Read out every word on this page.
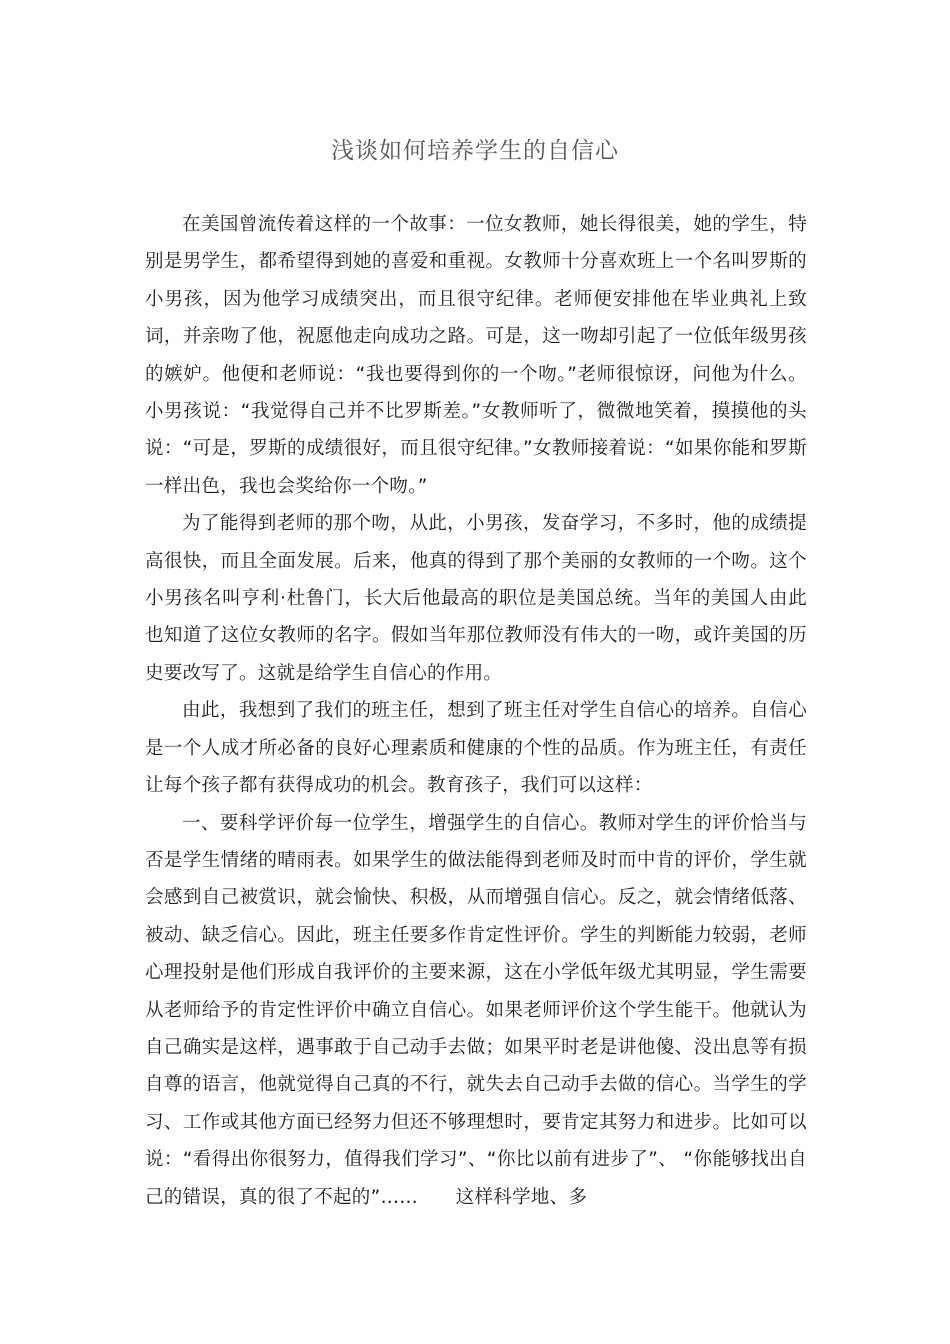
浅谈如何培养学生的自信心

在美国曾流传着这样的一个故事：一位女教师，她长得很美，她的学生，特别是男学生，都希望得到她的喜爱和重视。女教师十分喜欢班上一个名叫罗斯的小男孩，因为他学习成绩突出，而且很守纪律。老师便安排他在毕业典礼上致词，并亲吻了他，祝愿他走向成功之路。可是，这一吻却引起了一位低年级男孩的嫉妒。他便和老师说：“我也要得到你的一个吻。”老师很惊讶，问他为什么。小男孩说：“我觉得自己并不比罗斯差。”女教师听了，微微地笑着，摸摸他的头说：“可是，罗斯的成绩很好，而且很守纪律。”女教师接着说：“如果你能和罗斯一样出色，我也会奖给你一个吻。”

为了能得到老师的那个吻，从此，小男孩，发奋学习，不多时，他的成绩提高很快，而且全面发展。后来，他真的得到了那个美丽的女教师的一个吻。这个小男孩名叫亨利·杜鲁门，长大后他最高的职位是美国总统。当年的美国人由此也知道了这位女教师的名字。假如当年那位教师没有伟大的一吻，或许美国的历史要改写了。这就是给学生自信心的作用。

由此，我想到了我们的班主任，想到了班主任对学生自信心的培养。自信心是一个人成才所必备的良好心理素质和健康的个性的品质。作为班主任，有责任让每个孩子都有获得成功的机会。教育孩子，我们可以这样：

一、要科学评价每一位学生，增强学生的自信心。教师对学生的评价恰当与否是学生情绪的晴雨表。如果学生的做法能得到老师及时而中肯的评价，学生就会感到自己被赏识，就会愉快、积极，从而增强自信心。反之，就会情绪低落、被动、缺乏信心。因此，班主任要多作肯定性评价。学生的判断能力较弱，老师心理投射是他们形成自我评价的主要来源，这在小学低年级尤其明显，学生需要从老师给予的肯定性评价中确立自信心。如果老师评价这个学生能干。他就认为自己确实是这样，遇事敢于自己动手去做；如果平时老是讲他傻、没出息等有损自尊的语言，他就觉得自己真的不行，就失去自己动手去做的信心。当学生的学习、工作或其他方面已经努力但还不够理想时，要肯定其努力和进步。比如可以说：“看得出你很努力，值得我们学习”、“你比以前有进步了”、 “你能够找出自己的错误，真的很了不起的”……　　这样科学地、多
